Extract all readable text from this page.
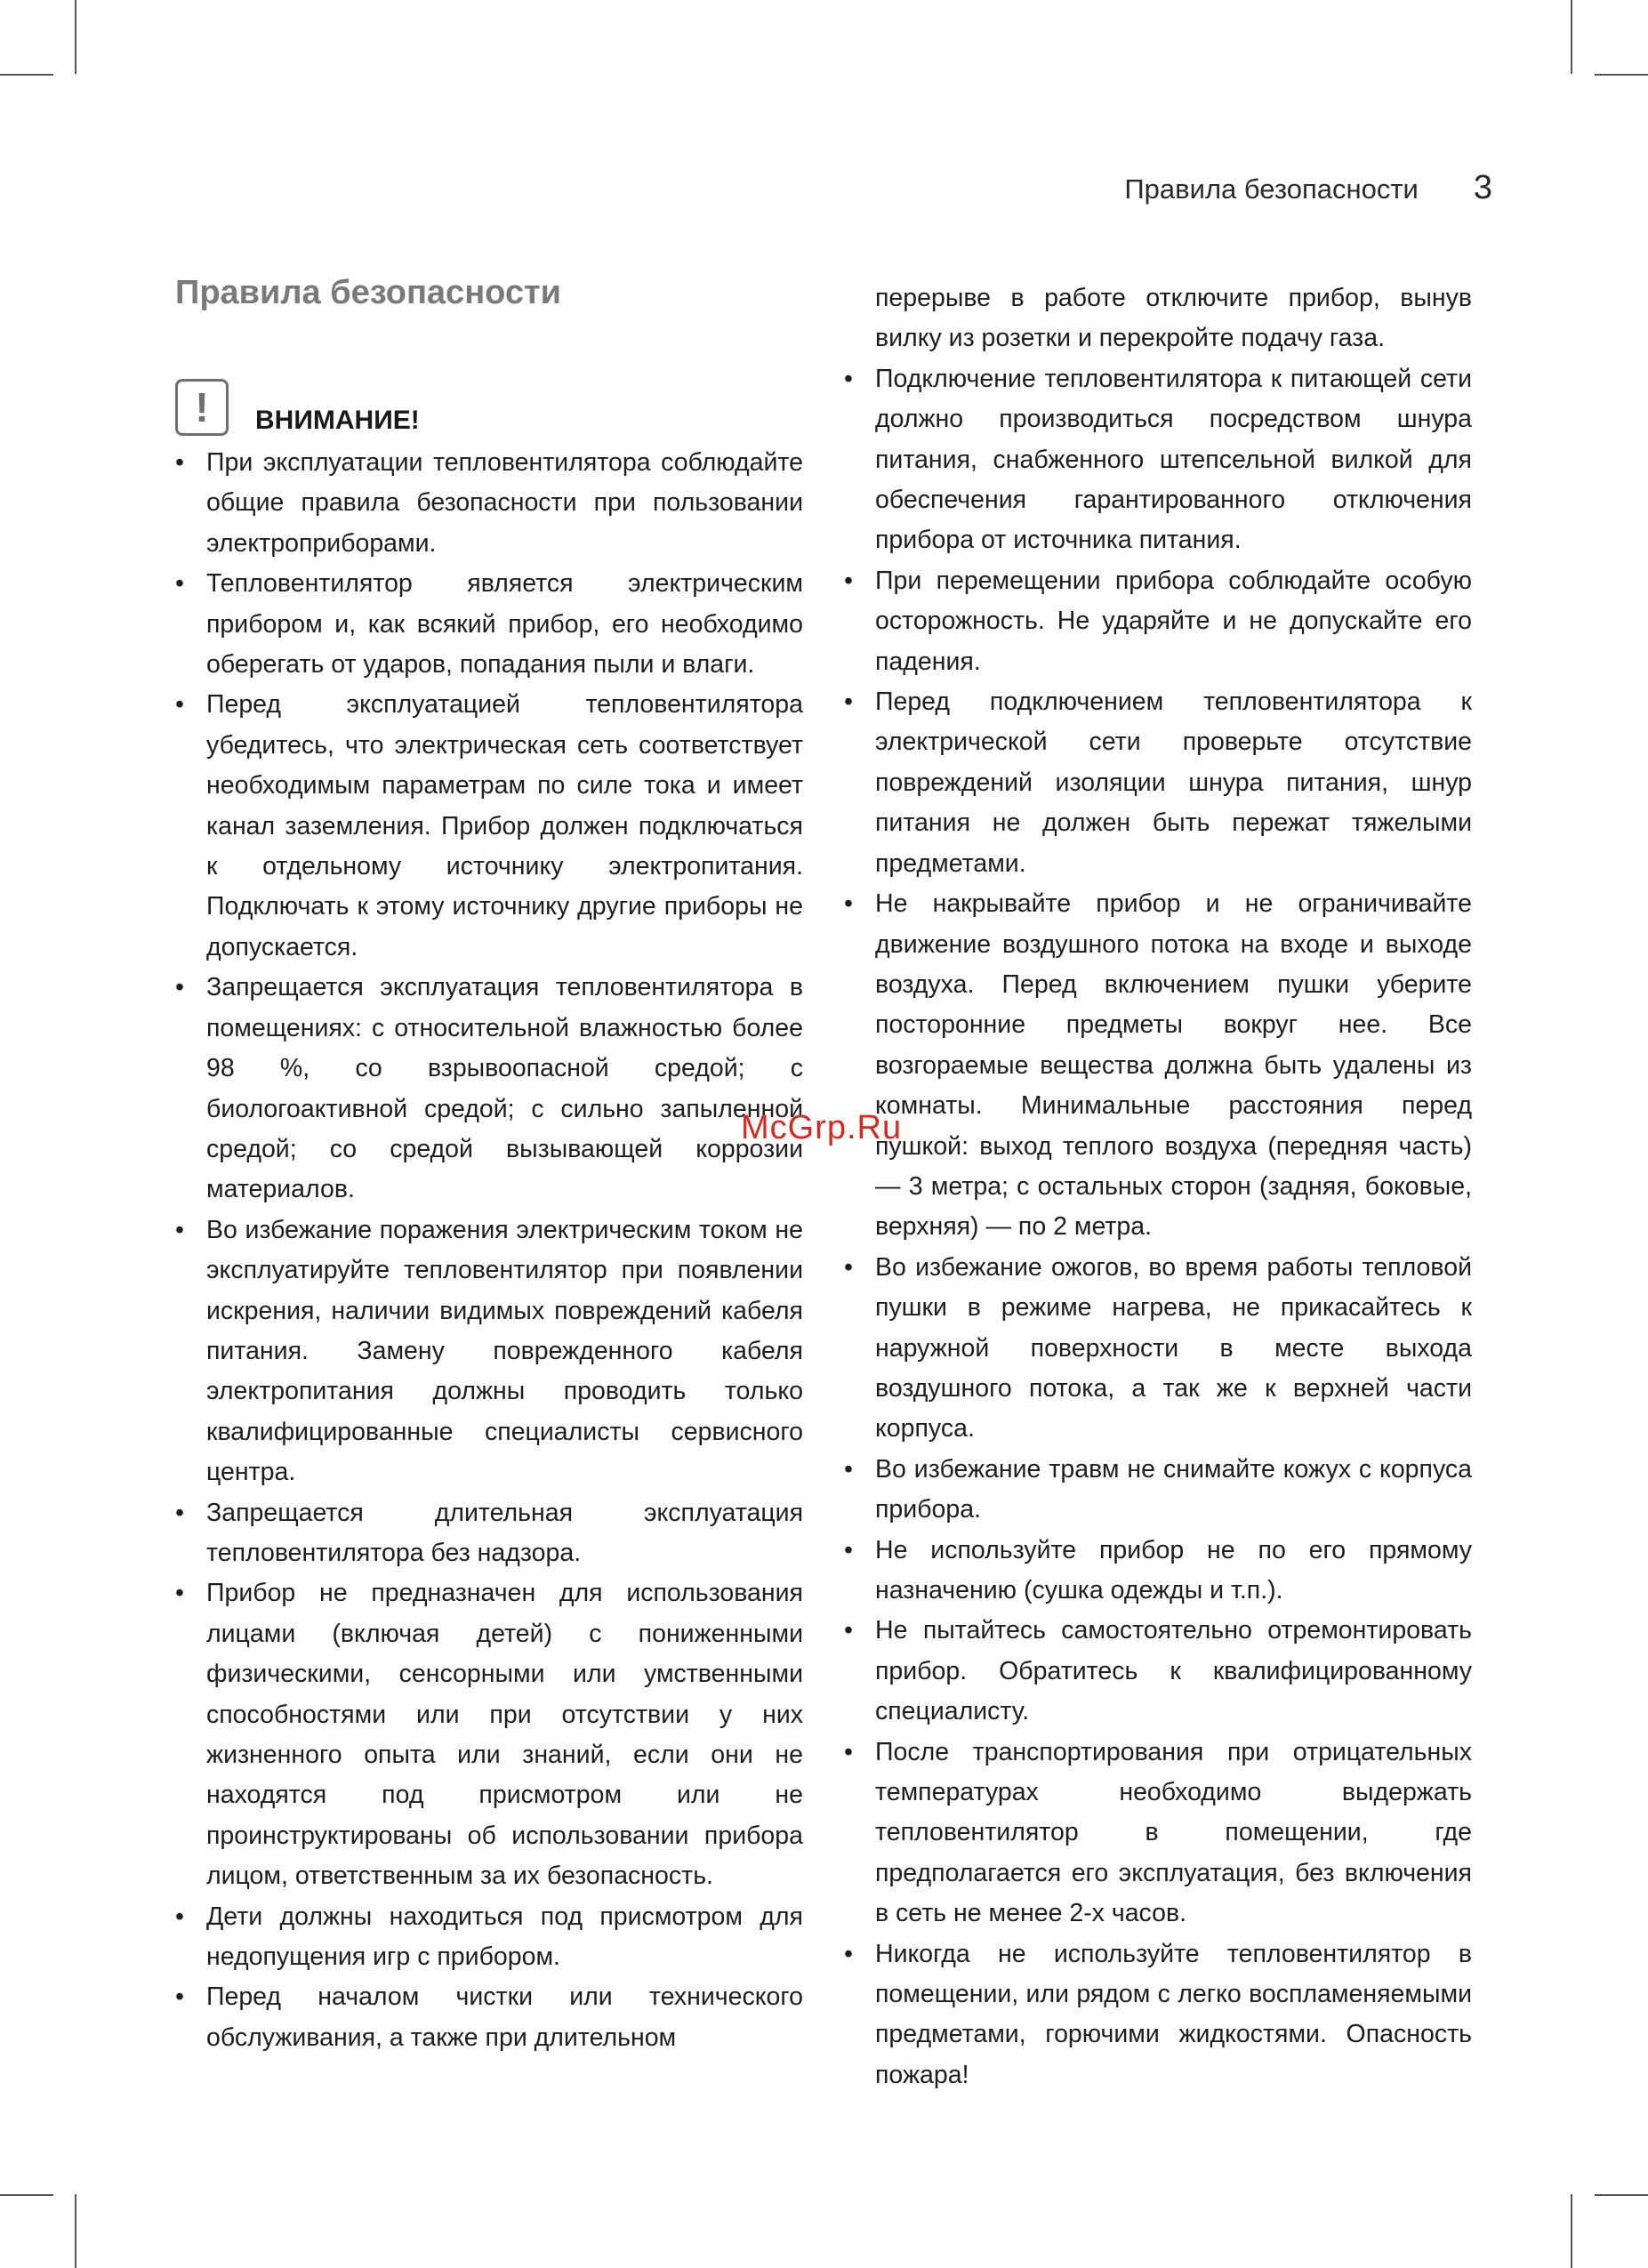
Правила безопасности 3
Правила безопасности
!	ВНИМАНИЕ!
• При эксплуатации тепловентилятора соблюдайте общие правила безопасности при пользовании электроприборами.
• Тепловентилятор является электрическим прибором и, как всякий прибор, его необходимо оберегать от ударов, попадания пыли и влаги.
• Перед эксплуатацией тепловентилятора убедитесь, что электрическая сеть соответствует необходимым параметрам по силе тока и имеет канал заземления. Прибор должен подключаться к отдельному источнику электропитания. Подключать к этому источнику другие приборы не допускается.
• Запрещается эксплуатация тепловентилятора в помещениях: с относительной влажностью более 98 %, со взрывоопасной средой; с биологоактивной средой; с сильно запыленной средой; со средой вызывающей коррозии материалов.
• Во избежание поражения электрическим током не эксплуатируйте тепловентилятор при появлении искрения, наличии видимых повреждений кабеля питания. Замену поврежденного кабеля электропитания должны проводить только квалифицированные специалисты сервисного центра.
• Запрещается длительная эксплуатация тепловентилятора без надзора.
• Прибор не предназначен для использования лицами (включая детей) с пониженными физическими, сенсорными или умственными способностями или при отсутствии у них жизненного опыта или знаний, если они не находятся под присмотром или не проинструктированы об использовании прибора лицом, ответственным за их безопасность.
• Дети должны находиться под присмотром для недопущения игр с прибором.
• Перед началом чистки или технического обслуживания, а также при длительном
перерыве в работе отключите прибор, вынув вилку из розетки и перекройте подачу газа.
• Подключение тепловентилятора к питающей сети должно производиться посредством шнура питания, снабженного штепсельной вилкой для обеспечения гарантированного отключения прибора от источника питания.
• При перемещении прибора соблюдайте особую осторожность. Не ударяйте и не допускайте его падения.
• Перед подключением тепловентилятора к электрической сети проверьте отсутствие повреждений изоляции шнура питания, шнур питания не должен быть пережат тяжелыми предметами.
• Не накрывайте прибор и не ограничивайте движение воздушного потока на входе и выходе воздуха. Перед включением пушки уберите посторонние предметы вокруг нее. Все возгораемые вещества должна быть удалены из комнаты. Минимальные расстояния перед пушкой: выход теплого воздуха (передняя часть) — 3 метра; с остальных сторон (задняя, боковые, верхняя) — по 2 метра.
• Во избежание ожогов, во время работы тепловой пушки в режиме нагрева, не прикасайтесь к наружной поверхности в месте выхода воздушного потока, а так же к верхней части корпуса.
• Во избежание травм не снимайте кожух с корпуса прибора.
• Не используйте прибор не по его прямому назначению (сушка одежды и т.п.).
• Не пытайтесь самостоятельно отремонтировать прибор. Обратитесь к квалифицированному специалисту.
• После транспортирования при отрицательных температурах необходимо выдержать тепловентилятор в помещении, где предполагается его эксплуатация, без включения в сеть не менее 2-х часов.
• Никогда не используйте тепловентилятор в помещении, или рядом с легко воспламеняемыми предметами, горючими жидкостями. Опасность пожара!
McGrp.Ru
